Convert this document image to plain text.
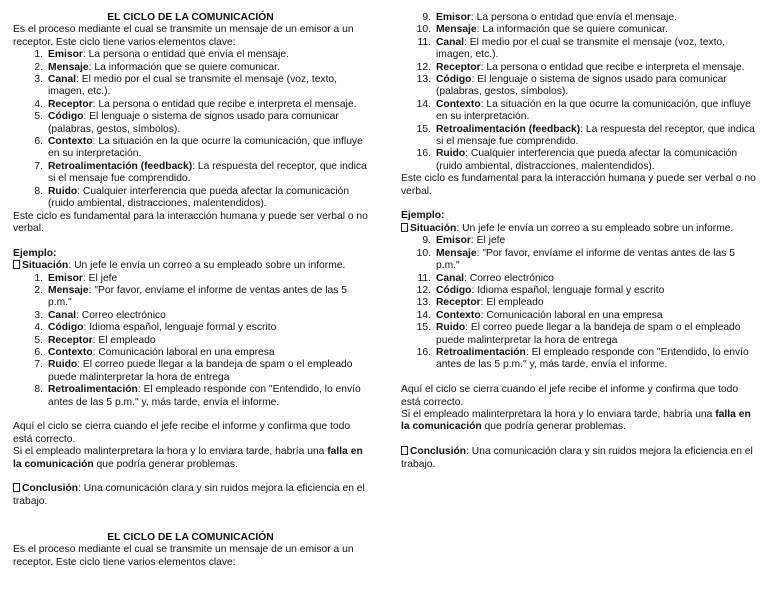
EL CICLO DE LA COMUNICACIÓN

Es el proceso mediante el cual se transmite un mensaje de un emisor a un receptor. Este ciclo tiene varios elementos clave:

1. Emisor: La persona o entidad que envía el mensaje.
2. Mensaje: La información que se quiere comunicar.
3. Canal: El medio por el cual se transmite el mensaje (voz, texto, imagen, etc.).
4. Receptor: La persona o entidad que recibe e interpreta el mensaje.
5. Código: El lenguaje o sistema de signos usado para comunicar (palabras, gestos, símbolos).
6. Contexto: La situación en la que ocurre la comunicación, que influye en su interpretación.
7. Retroalimentación (feedback): La respuesta del receptor, que indica si el mensaje fue comprendido.
8. Ruido: Cualquier interferencia que pueda afectar la comunicación (ruido ambiental, distracciones, malentendidos).

Este ciclo es fundamental para la interacción humana y puede ser verbal o no verbal.

Ejemplo:

Situación: Un jefe le envía un correo a su empleado sobre un informe.

1. Emisor: El jefe
2. Mensaje: "Por favor, envíame el informe de ventas antes de las 5 p.m."
3. Canal: Correo electrónico
4. Código: Idioma español, lenguaje formal y escrito
5. Receptor: El empleado
6. Contexto: Comunicación laboral en una empresa
7. Ruido: El correo puede llegar a la bandeja de spam o el empleado puede malinterpretar la hora de entrega
8. Retroalimentación: El empleado responde con "Entendido, lo envío antes de las 5 p.m." y, más tarde, envía el informe.

Aquí el ciclo se cierra cuando el jefe recibe el informe y confirma que todo está correcto.

Si el empleado malinterpretara la hora y lo enviara tarde, habría una falla en la comunicación que podría generar problemas.

Conclusión: Una comunicación clara y sin ruidos mejora la eficiencia en el trabajo.

EL CICLO DE LA COMUNICACIÓN

Es el proceso mediante el cual se transmite un mensaje de un emisor a un receptor. Este ciclo tiene varios elementos clave:

9. Emisor: La persona o entidad que envía el mensaje.
10. Mensaje: La información que se quiere comunicar.
11. Canal: El medio por el cual se transmite el mensaje (voz, texto, imagen, etc.).
12. Receptor: La persona o entidad que recibe e interpreta el mensaje.
13. Código: El lenguaje o sistema de signos usado para comunicar (palabras, gestos, símbolos).
14. Contexto: La situación en la que ocurre la comunicación, que influye en su interpretación.
15. Retroalimentación (feedback): La respuesta del receptor, que indica si el mensaje fue comprendido.
16. Ruido: Cualquier interferencia que pueda afectar la comunicación (ruido ambiental, distracciones, malentendidos).

Este ciclo es fundamental para la interacción humana y puede ser verbal o no verbal.

Ejemplo:

Situación: Un jefe le envía un correo a su empleado sobre un informe.

9. Emisor: El jefe
10. Mensaje: "Por favor, envíame el informe de ventas antes de las 5 p.m."
11. Canal: Correo electrónico
12. Código: Idioma español, lenguaje formal y escrito
13. Receptor: El empleado
14. Contexto: Comunicación laboral en una empresa
15. Ruido: El correo puede llegar a la bandeja de spam o el empleado puede malinterpretar la hora de entrega
16. Retroalimentación: El empleado responde con "Entendido, lo envío antes de las 5 p.m." y, más tarde, envía el informe.

Aquí el ciclo se cierra cuando el jefe recibe el informe y confirma que todo está correcto.

Si el empleado malinterpretara la hora y lo enviara tarde, habría una falla en la comunicación que podría generar problemas.

Conclusión: Una comunicación clara y sin ruidos mejora la eficiencia en el trabajo.
